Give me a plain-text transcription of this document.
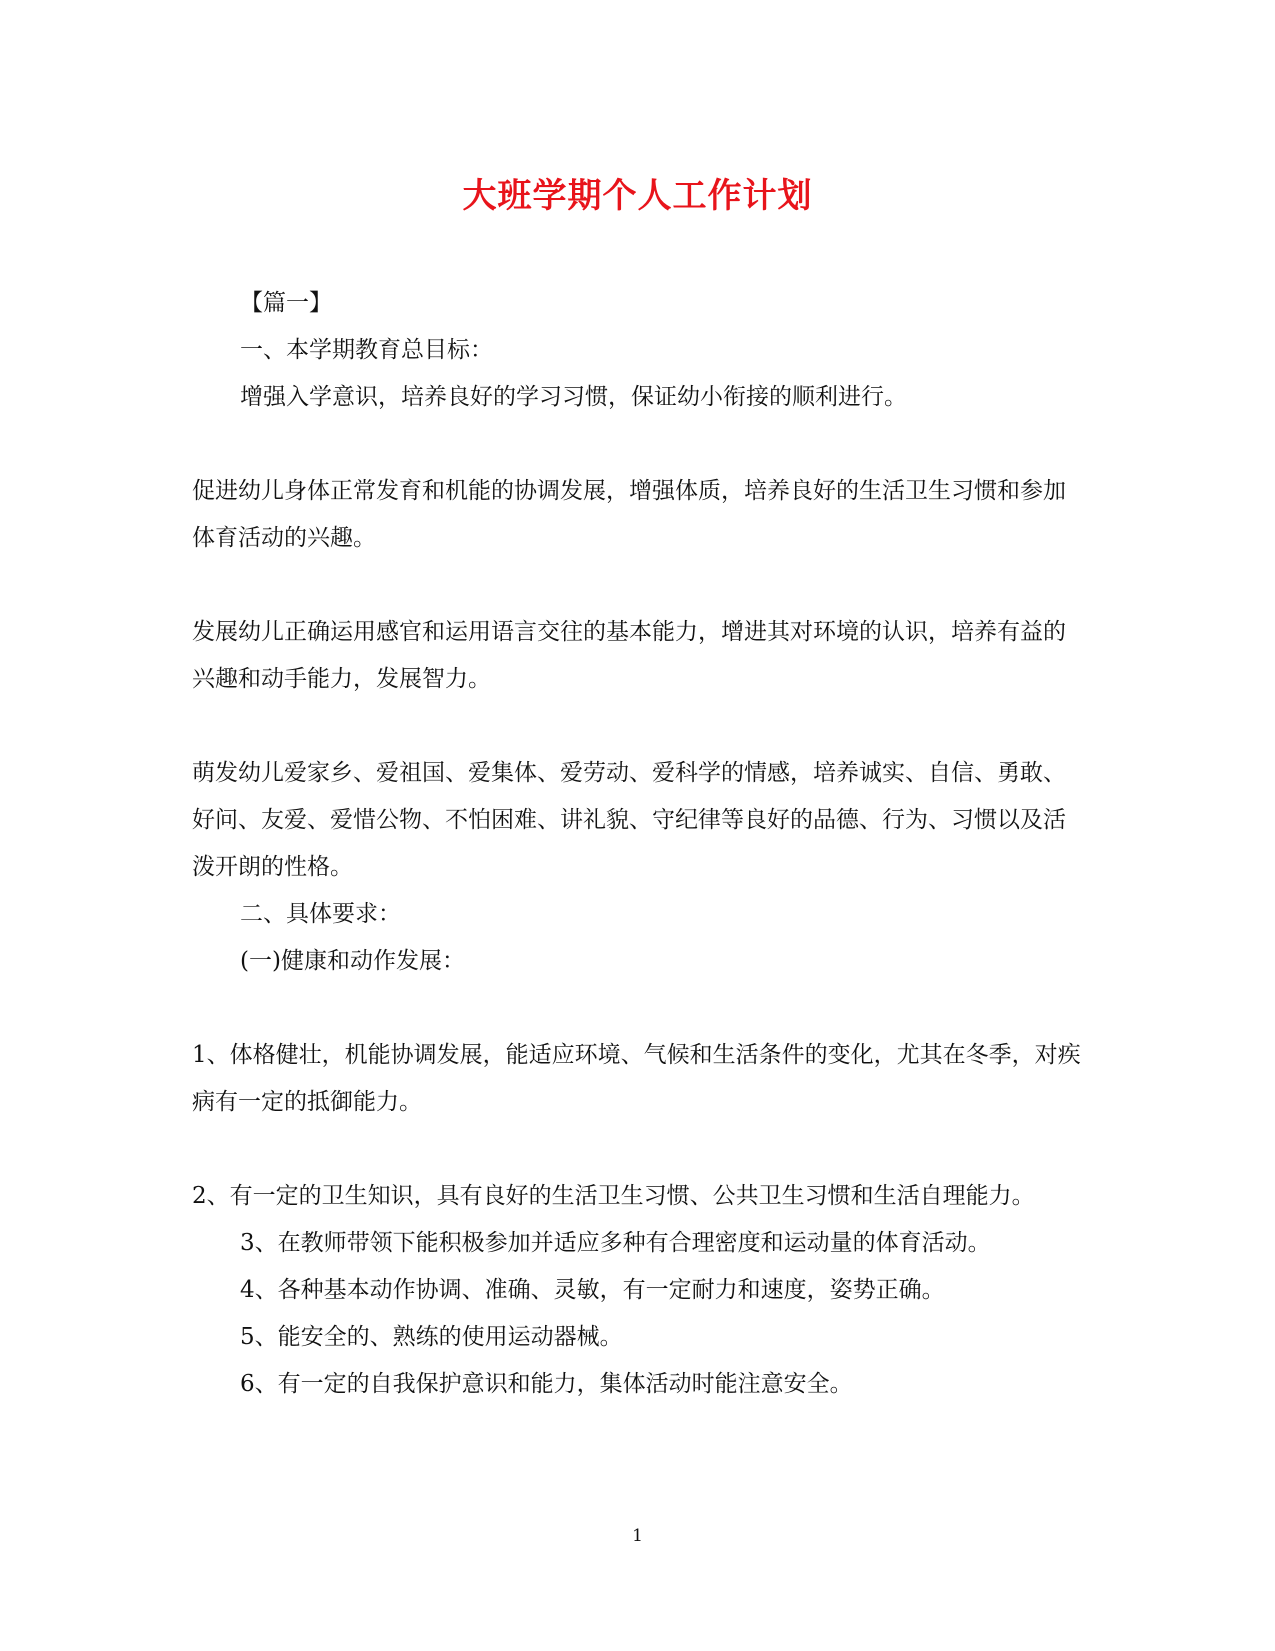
大班学期个人工作计划

【篇一】

一、本学期教育总目标：

增强入学意识，培养良好的学习习惯，保证幼小衔接的顺利进行。

促进幼儿身体正常发育和机能的协调发展，增强体质，培养良好的生活卫生习惯和参加体育活动的兴趣。

发展幼儿正确运用感官和运用语言交往的基本能力，增进其对环境的认识，培养有益的兴趣和动手能力，发展智力。

萌发幼儿爱家乡、爱祖国、爱集体、爱劳动、爱科学的情感，培养诚实、自信、勇敢、好问、友爱、爱惜公物、不怕困难、讲礼貌、守纪律等良好的品德、行为、习惯以及活泼开朗的性格。

二、具体要求：

(一)健康和动作发展：

1、体格健壮，机能协调发展，能适应环境、气候和生活条件的变化，尤其在冬季，对疾病有一定的抵御能力。

2、有一定的卫生知识，具有良好的生活卫生习惯、公共卫生习惯和生活自理能力。

3、在教师带领下能积极参加并适应多种有合理密度和运动量的体育活动。

4、各种基本动作协调、准确、灵敏，有一定耐力和速度，姿势正确。

5、能安全的、熟练的使用运动器械。

6、有一定的自我保护意识和能力，集体活动时能注意安全。

1
